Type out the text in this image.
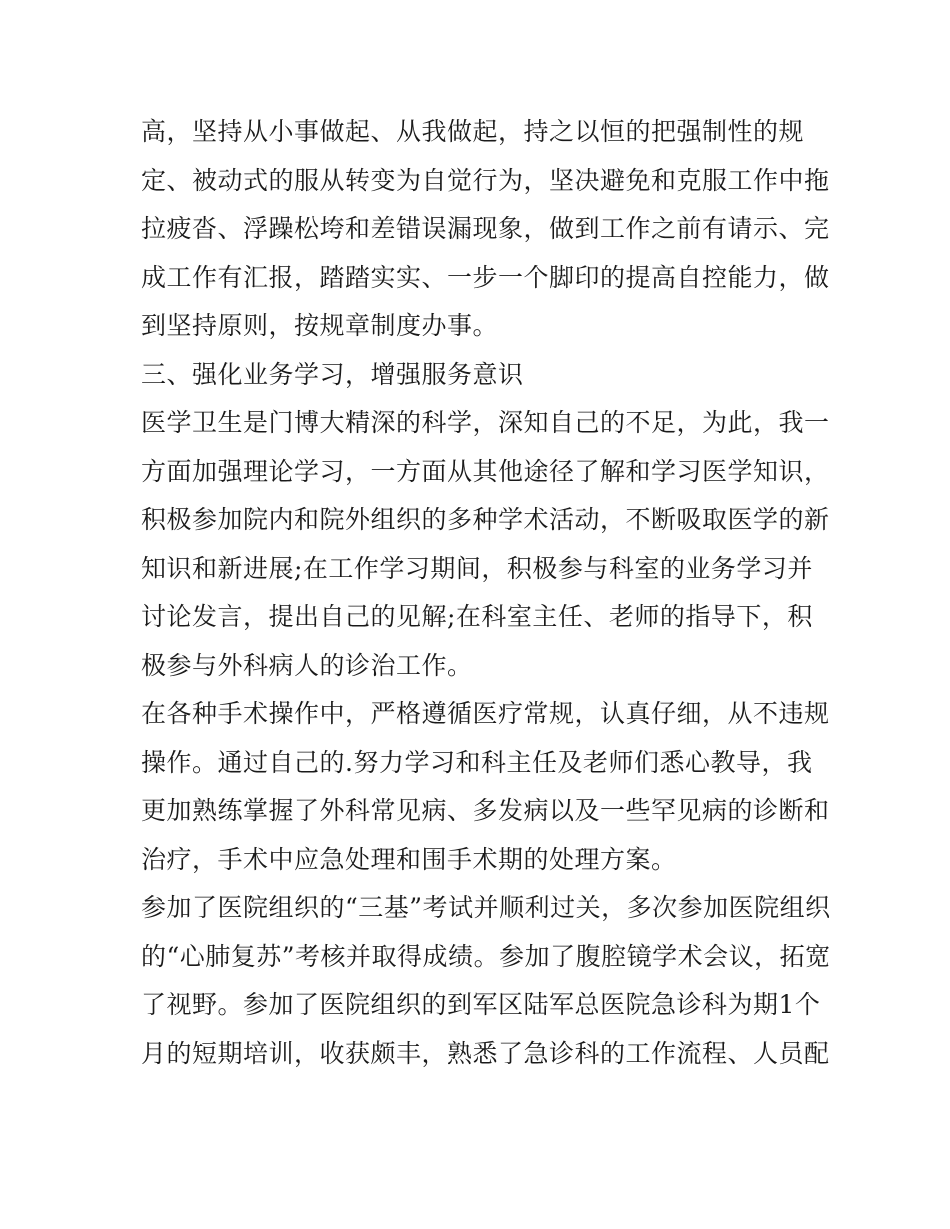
高，坚持从小事做起、从我做起，持之以恒的把强制性的规
定、被动式的服从转变为自觉行为，坚决避免和克服工作中拖
拉疲沓、浮躁松垮和差错误漏现象，做到工作之前有请示、完
成工作有汇报，踏踏实实、一步一个脚印的提高自控能力，做
到坚持原则，按规章制度办事。
三、强化业务学习，增强服务意识
医学卫生是门博大精深的科学，深知自己的不足，为此，我一
方面加强理论学习，一方面从其他途径了解和学习医学知识，
积极参加院内和院外组织的多种学术活动，不断吸取医学的新
知识和新进展;在工作学习期间，积极参与科室的业务学习并
讨论发言，提出自己的见解;在科室主任、老师的指导下，积
极参与外科病人的诊治工作。
在各种手术操作中，严格遵循医疗常规，认真仔细，从不违规
操作。通过自己的.努力学习和科主任及老师们悉心教导，我
更加熟练掌握了外科常见病、多发病以及一些罕见病的诊断和
治疗，手术中应急处理和围手术期的处理方案。
参加了医院组织的“三基”考试并顺利过关，多次参加医院组织
的“心肺复苏”考核并取得成绩。参加了腹腔镜学术会议，拓宽
了视野。参加了医院组织的到军区陆军总医院急诊科为期1个
月的短期培训，收获颇丰，熟悉了急诊科的工作流程、人员配
